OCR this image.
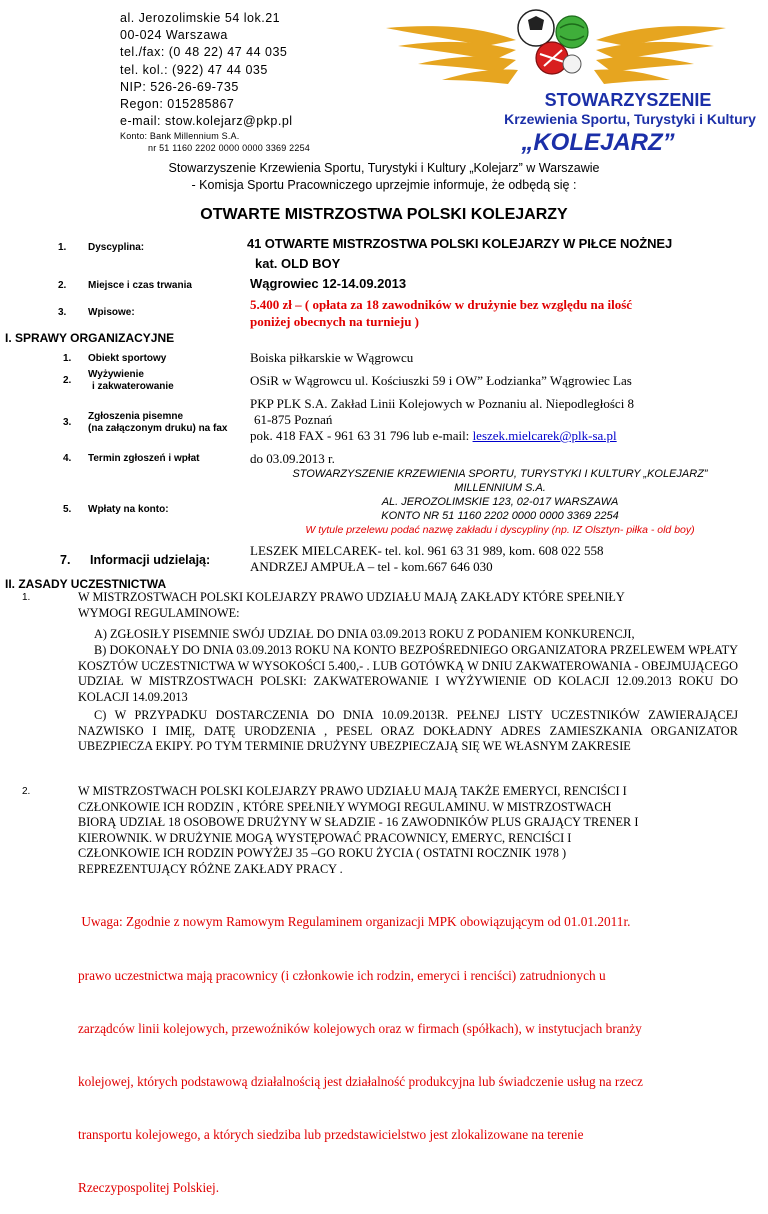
al. Jerozolimskie 54 lok.21
00-024 Warszawa
tel./fax: (0 48 22) 47 44 035
tel. kol.: (922) 47 44 035
NIP: 526-26-69-735
Regon: 015285867
e-mail: stow.kolejarz@pkp.pl
Konto: Bank Millennium S.A.
nr 51 1160 2202 0000 0000 3369 2254
STOWARZYSZENIE
Krzewienia Sportu, Turystyki i Kultury
„KOLEJARZ”
Stowarzyszenie Krzewienia Sportu, Turystyki i Kultury „Kolejarz” w Warszawie
- Komisja Sportu Pracowniczego uprzejmie informuje, że odbędą się :
OTWARTE MISTRZOSTWA POLSKI KOLEJARZY
1. Dyscyplina:	41 OTWARTE MISTRZOSTWA POLSKI KOLEJARZY W PIŁCE NOŻNEJ
kat. OLD BOY
2. Miejsce i czas trwania	Wągrowiec 12-14.09.2013
3. Wpisowe:
5.400 zł – ( opłata za 18 zawodników w drużynie bez względu na ilość
poniżej obecnych na turnieju )
I. SPRAWY ORGANIZACYJNE
1. Obiekt sportowy	Boiska piłkarskie w Wągrowcu
2.
Wyżywienie
i zakwaterowanie	OSiR w Wągrowcu ul. Kościuszki 59 i OW” Łodzianka” Wągrowiec Las
3.
Zgłoszenia pisemne
(na załączonym druku) na fax
PKP PLK S.A. Zakład Linii Kolejowych w Poznaniu al. Niepodległości 8
61-875 Poznań
pok. 418 FAX - 961 63 31 796 lub e-mail: leszek.mielcarek@plk-sa.pl
4. Termin zgłoszeń i wpłat	do 03.09.2013 r.
5. Wpłaty na konto:
STOWARZYSZENIE KRZEWIENIA SPORTU, TURYSTYKI I KULTURY „KOLEJARZ”
MILLENNIUM S.A.
AL. JEROZOLIMSKIE 123, 02-017 WARSZAWA
KONTO NR 51 1160 2202 0000 0000 3369 2254
W tytule przelewu podać nazwę zakładu i dyscypliny (np. IZ Olsztyn- piłka - old boy)
7. Informacji udzielają:
LESZEK MIELCAREK- tel. kol. 961 63 31 989, kom. 608 022 558
ANDRZEJ AMPUŁA – tel - kom.667 646 030
II. ZASADY UCZESTNICTWA
1.	W MISTRZOSTWACH POLSKI KOLEJARZY PRAWO UDZIAŁU MAJĄ ZAKŁADY KTÓRE SPEŁNIŁY
WYMOGI REGULAMINOWE:
A) ZGŁOSIŁY PISEMNIE SWÓJ UDZIAŁ DO DNIA 03.09.2013 ROKU Z PODANIEM KONKURENCJI,
B) DOKONAŁY DO DNIA 03.09.2013 ROKU NA KONTO BEZPOŚREDNIEGO ORGANIZATORA PRZELEWEM WPŁATY KOSZTÓW UCZESTNICTWA W WYSOKOŚCI 5.400,- . LUB GOTÓWKĄ W DNIU ZAKWATEROWANIA - OBEJMUJĄCEGO UDZIAŁ W MISTRZOSTWACH POLSKI: ZAKWATEROWANIE I WYŻYWIENIE OD KOLACJI 12.09.2013 ROKU DO KOLACJI 14.09.2013
C) W PRZYPADKU DOSTARCZENIA DO DNIA 10.09.2013R. PEŁNEJ LISTY UCZESTNIKÓW ZAWIERAJĄCEJ NAZWISKO I IMIĘ, DATĘ URODZENIA , PESEL ORAZ DOKŁADNY ADRES ZAMIESZKANIA ORGANIZATOR UBEZPIECZA EKIPY. PO TYM TERMINIE DRUŻYNY UBEZPIECZAJĄ SIĘ WE WŁASNYM ZAKRESIE
2.	W MISTRZOSTWACH POLSKI KOLEJARZY PRAWO UDZIAŁU MAJĄ TAKŻE EMERYCI, RENCIŚCI I
CZŁONKOWIE ICH RODZIN , KTÓRE SPEŁNIŁY WYMOGI REGULAMINU. W MISTRZOSTWACH
BIORĄ UDZIAŁ 18 OSOBOWE DRUŻYNY W SŁADZIE - 16 ZAWODNIKÓW PLUS GRAJĄCY TRENER I
KIEROWNIK. W DRUŻYNIE MOGĄ WYSTĘPOWAĆ PRACOWNICY, EMERYC, RENCIŚCI I
CZŁONKOWIE ICH RODZIN POWYŻEJ 35 –GO ROKU ŻYCIA ( OSTATNI ROCZNIK 1978 )
REPREZENTUJĄCY RÓŻNE ZAKŁADY PRACY .

Uwaga: Zgodnie z nowym Ramowym Regulaminem organizacji MPK obowiązującym od 01.01.2011r.

prawo uczestnictwa mają pracownicy (i członkowie ich rodzin, emeryci i renciści) zatrudnionych u

zarządców linii kolejowych, przewoźników kolejowych oraz w firmach (spółkach), w instytucjach branży

kolejowej, których podstawową działalnością jest działalność produkcyjna lub świadczenie usług na rzecz

transportu kolejowego, a których siedziba lub przedstawicielstwo jest zlokalizowane na terenie

Rzeczypospolitej Polskiej.
